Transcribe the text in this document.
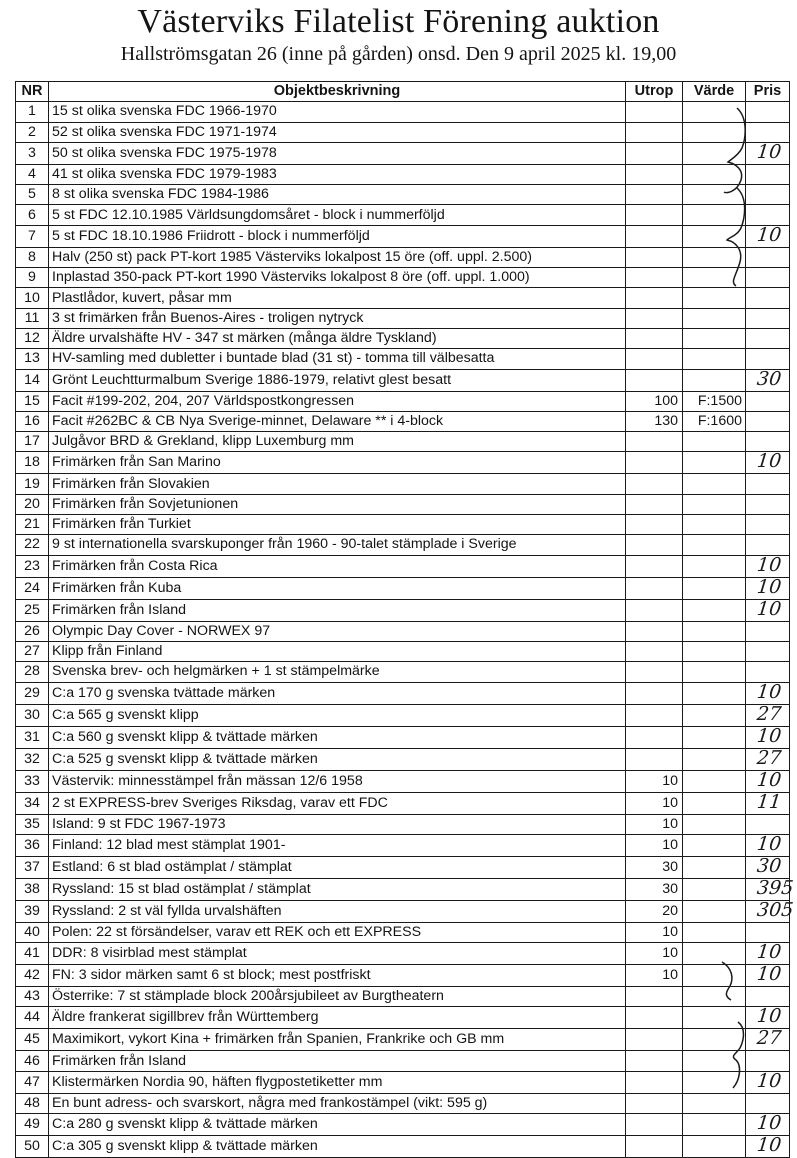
Västerviks Filatelist Förening auktion
Hallströmsgatan 26 (inne på gården) onsd. Den 9 april 2025 kl. 19,00
NR	Objektbeskrivning	Utrop	Värde	Pris
1	15 st olika svenska FDC 1966-1970			
2	52 st olika svenska FDC 1971-1974			
3	50 st olika svenska FDC 1975-1978			10
4	41 st olika svenska FDC 1979-1983			
5	8 st olika svenska FDC 1984-1986			
6	5 st FDC 12.10.1985 Världsungdomsåret - block i nummerföljd			
7	5 st FDC 18.10.1986 Friidrott - block i nummerföljd			10
8	Halv (250 st) pack PT-kort 1985 Västerviks lokalpost 15 öre (off. uppl. 2.500)			
9	Inplastad 350-pack PT-kort 1990 Västerviks lokalpost 8 öre (off. uppl. 1.000)			
10	Plastlådor, kuvert, påsar mm			
11	3 st frimärken från Buenos-Aires - troligen nytryck			
12	Äldre urvalshäfte HV - 347 st märken (många äldre Tyskland)			
13	HV-samling med dubletter i buntade blad (31 st) - tomma till välbesatta			
14	Grönt Leuchtturmalbum Sverige 1886-1979, relativt glest besatt			30
15	Facit #199-202, 204, 207 Världspostkongressen	100	F:1500	
16	Facit #262BC & CB Nya Sverige-minnet, Delaware ** i 4-block	130	F:1600	
17	Julgåvor BRD & Grekland, klipp Luxemburg mm			
18	Frimärken från San Marino			10
19	Frimärken från Slovakien			
20	Frimärken från Sovjetunionen			
21	Frimärken från Turkiet			
22	9 st internationella svarskuponger från 1960 - 90-talet stämplade i Sverige			
23	Frimärken från Costa Rica			10
24	Frimärken från Kuba			10
25	Frimärken från Island			10
26	Olympic Day Cover - NORWEX 97			
27	Klipp från Finland			
28	Svenska brev- och helgmärken + 1 st stämpelmärke			
29	C:a 170 g svenska tvättade märken			10
30	C:a 565 g svenskt klipp			27
31	C:a 560 g svenskt klipp & tvättade märken			10
32	C:a 525 g svenskt klipp & tvättade märken			27
33	Västervik: minnesstämpel från mässan 12/6 1958	10		10
34	2 st EXPRESS-brev Sveriges Riksdag, varav ett FDC	10		11
35	Island: 9 st FDC 1967-1973	10		
36	Finland: 12 blad mest stämplat 1901-	10		10
37	Estland: 6 st blad ostämplat / stämplat	30		30
38	Ryssland: 15 st blad ostämplat / stämplat	30		395
39	Ryssland: 2 st väl fyllda urvalshäften	20		305
40	Polen: 22 st försändelser, varav ett REK och ett EXPRESS	10		
41	DDR: 8 visirblad mest stämplat	10		10
42	FN: 3 sidor märken samt 6 st block; mest postfriskt	10		10
43	Österrike: 7 st stämplade block 200årsjubileet av Burgtheatern			
44	Äldre frankerat sigillbrev från Württemberg			10
45	Maximikort, vykort Kina + frimärken från Spanien, Frankrike och GB mm			27
46	Frimärken från Island			
47	Klistermärken Nordia 90, häften flygpostetiketter mm			10
48	En bunt adress- och svarskort, några med frankostämpel (vikt: 595 g)			
49	C:a 280 g svenskt klipp & tvättade märken			10
50	C:a 305 g svenskt klipp & tvättade märken			10
